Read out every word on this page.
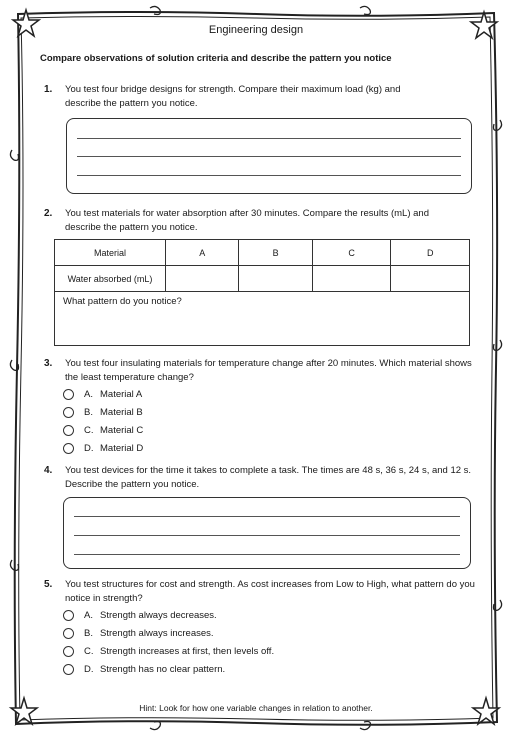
Engineering design
Compare observations of solution criteria and describe the pattern you notice
1. You test four bridge designs for strength. Compare their maximum load (kg) and describe the pattern you notice.
2. You test materials for water absorption after 30 minutes. Compare the results (mL) and describe the pattern you notice.
Material	A	B	C	D
Water absorbed (mL)				
What pattern do you notice?
3. You test four insulating materials for temperature change after 20 minutes. Which material shows the least temperature change?
A. Material A
B. Material B
C. Material C
D. Material D
4. You test devices for the time it takes to complete a task. The times are 48 s, 36 s, 24 s, and 12 s. Describe the pattern you notice.
5. You test structures for cost and strength. As cost increases from Low to High, what pattern do you notice in strength?
A. Strength always decreases.
B. Strength always increases.
C. Strength increases at first, then levels off.
D. Strength has no clear pattern.
Hint: Look for how one variable changes in relation to another.
